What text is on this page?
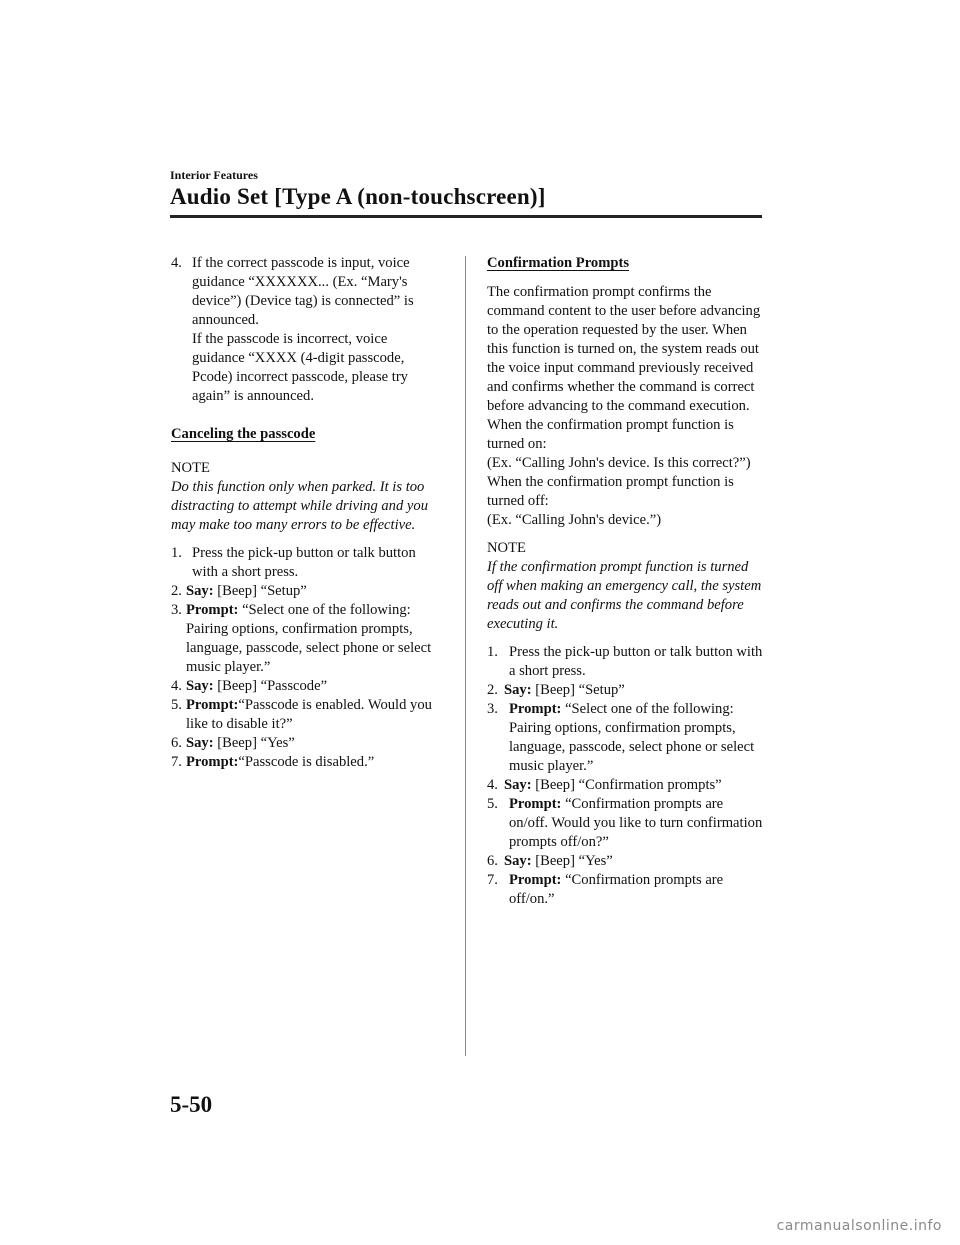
Interior Features
Audio Set [Type A (non-touchscreen)]
4. If the correct passcode is input, voice guidance “XXXXXX... (Ex. “Mary's device”) (Device tag) is connected” is announced.
If the passcode is incorrect, voice guidance “XXXX (4-digit passcode, Pcode) incorrect passcode, please try again” is announced.

Canceling the passcode

NOTE

Do this function only when parked. It is too distracting to attempt while driving and you may make too many errors to be effective.

1. Press the pick-up button or talk button with a short press.
2. Say: [Beep] “Setup”
3. Prompt: “Select one of the following: Pairing options, confirmation prompts, language, passcode, select phone or select music player.”
4. Say: [Beep] “Passcode”
5. Prompt:“Passcode is enabled. Would you like to disable it?”
6. Say: [Beep] “Yes”
7. Prompt:“Passcode is disabled.”

Confirmation Prompts

The confirmation prompt confirms the command content to the user before advancing to the operation requested by the user. When this function is turned on, the system reads out the voice input command previously received and confirms whether the command is correct before advancing to the command execution.

When the confirmation prompt function is turned on:

(Ex. “Calling John's device. Is this correct?”)

When the confirmation prompt function is turned off:

(Ex. “Calling John's device.”)

NOTE

If the confirmation prompt function is turned off when making an emergency call, the system reads out and confirms the command before executing it.

1. Press the pick-up button or talk button with a short press.
2. Say: [Beep] “Setup”
3. Prompt: “Select one of the following: Pairing options, confirmation prompts, language, passcode, select phone or select music player.”
4. Say: [Beep] “Confirmation prompts”
5. Prompt: “Confirmation prompts are on/off. Would you like to turn confirmation prompts off/on?”
6. Say: [Beep] “Yes”
7. Prompt: “Confirmation prompts are off/on.”
5-50
carmanualsonline.info
